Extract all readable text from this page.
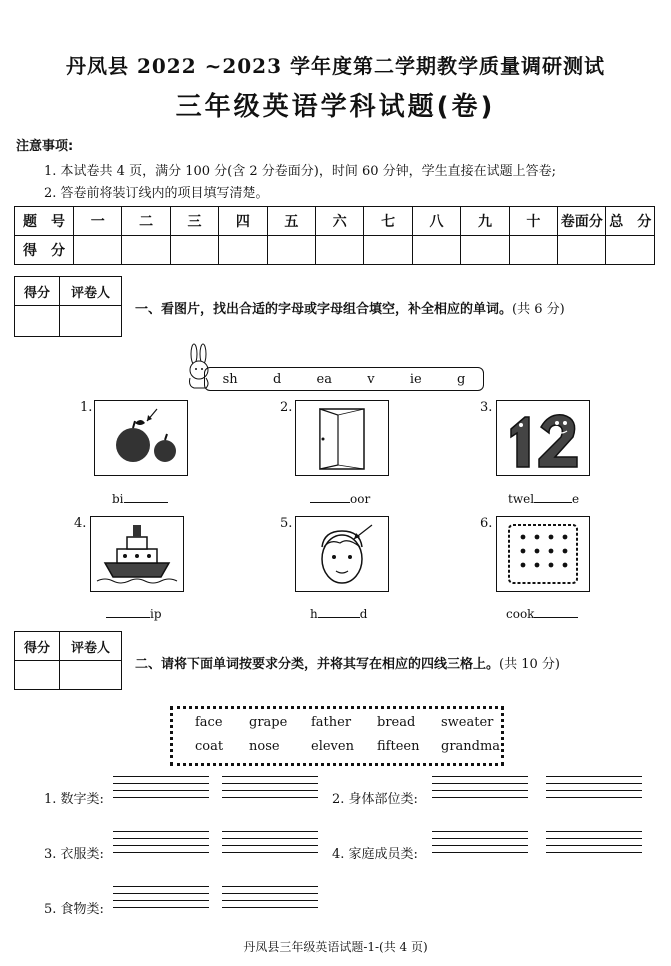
丹凤县 2022 ~2023 学年度第二学期教学质量调研测试
三年级英语学科试题(卷)
注意事项:
1. 本试卷共 4 页，满分 100 分(含 2 分卷面分)，时间 60 分钟，学生直接在试题上答卷;
2. 答卷前将装订线内的项目填写清楚。
题　号	一	二	三	四	五	六	七	八	九	十	卷面分	总　分
得　分												
得分	评卷人

一、看图片，找出合适的字母或字母组合填空，补全相应的单词。(共 6 分)
sh	d	ea	v	ie	g
1.
bi
2.
oor
3.
twel	e
4.
ip
5.
h	d
6.
cook
得分	评卷人

二、请将下面单词按要求分类，并将其写在相应的四线三格上。(共 10 分)
face grape father bread sweater
coat nose eleven fifteen grandma
1. 数字类:	2. 身体部位类:
3. 衣服类:	4. 家庭成员类:
5. 食物类:
丹凤县三年级英语试题-1-(共 4 页)
